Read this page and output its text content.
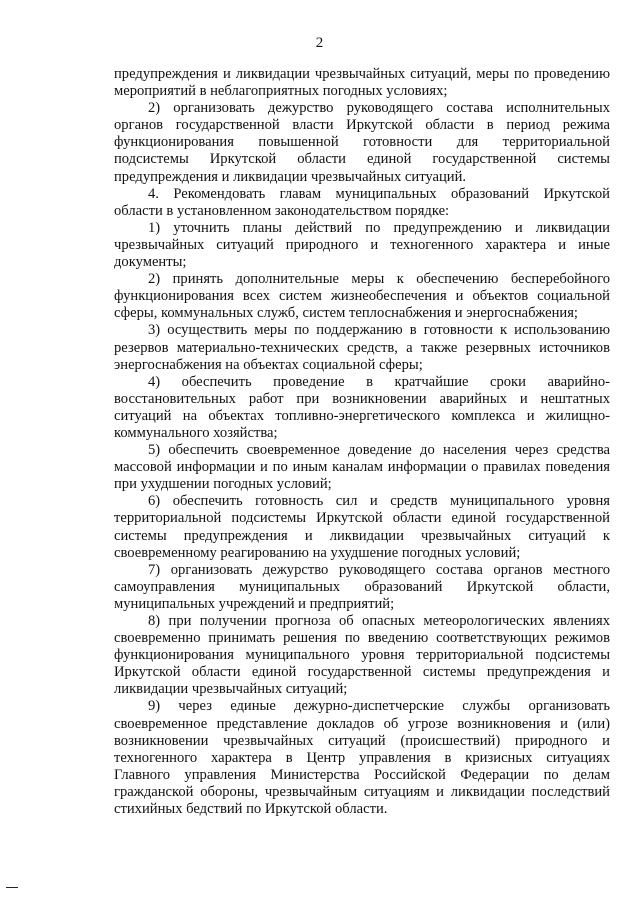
2

предупреждения и ликвидации чрезвычайных ситуаций, меры по проведению
мероприятий в неблагоприятных погодных условиях;

2) организовать дежурство руководящего состава исполнительных
органов государственной власти Иркутской области в период режима
функционирования повышенной готовности для территориальной
подсистемы Иркутской области единой государственной системы
предупреждения и ликвидации чрезвычайных ситуаций.

4. Рекомендовать главам муниципальных образований Иркутской
области в установленном законодательством порядке:

1) уточнить планы действий по предупреждению и ликвидации
чрезвычайных ситуаций природного и техногенного характера и иные
документы;

2) принять дополнительные меры к обеспечению бесперебойного
функционирования всех систем жизнеобеспечения и объектов социальной
сферы, коммунальных служб, систем теплоснабжения и энергоснабжения;

3) осуществить меры по поддержанию в готовности к использованию
резервов материально-технических средств, а также резервных источников
энергоснабжения на объектах социальной сферы;

4) обеспечить проведение в кратчайшие сроки аварийно-
восстановительных работ при возникновении аварийных и нештатных
ситуаций на объектах топливно-энергетического комплекса и жилищно-
коммунального хозяйства;

5) обеспечить своевременное доведение до населения через средства
массовой информации и по иным каналам информации о правилах поведения
при ухудшении погодных условий;

6) обеспечить готовность сил и средств муниципального уровня
территориальной подсистемы Иркутской области единой государственной
системы предупреждения и ликвидации чрезвычайных ситуаций к
своевременному реагированию на ухудшение погодных условий;

7) организовать дежурство руководящего состава органов местного
самоуправления муниципальных образований Иркутской области,
муниципальных учреждений и предприятий;

8) при получении прогноза об опасных метеорологических явлениях
своевременно принимать решения по введению соответствующих режимов
функционирования муниципального уровня территориальной подсистемы
Иркутской области единой государственной системы предупреждения и
ликвидации чрезвычайных ситуаций;

9) через единые дежурно-диспетчерские службы организовать
своевременное представление докладов об угрозе возникновения и (или)
возникновении чрезвычайных ситуаций (происшествий) природного и
техногенного характера в Центр управления в кризисных ситуациях
Главного управления Министерства Российской Федерации по делам
гражданской обороны, чрезвычайным ситуациям и ликвидации последствий
стихийных бедствий по Иркутской области.
